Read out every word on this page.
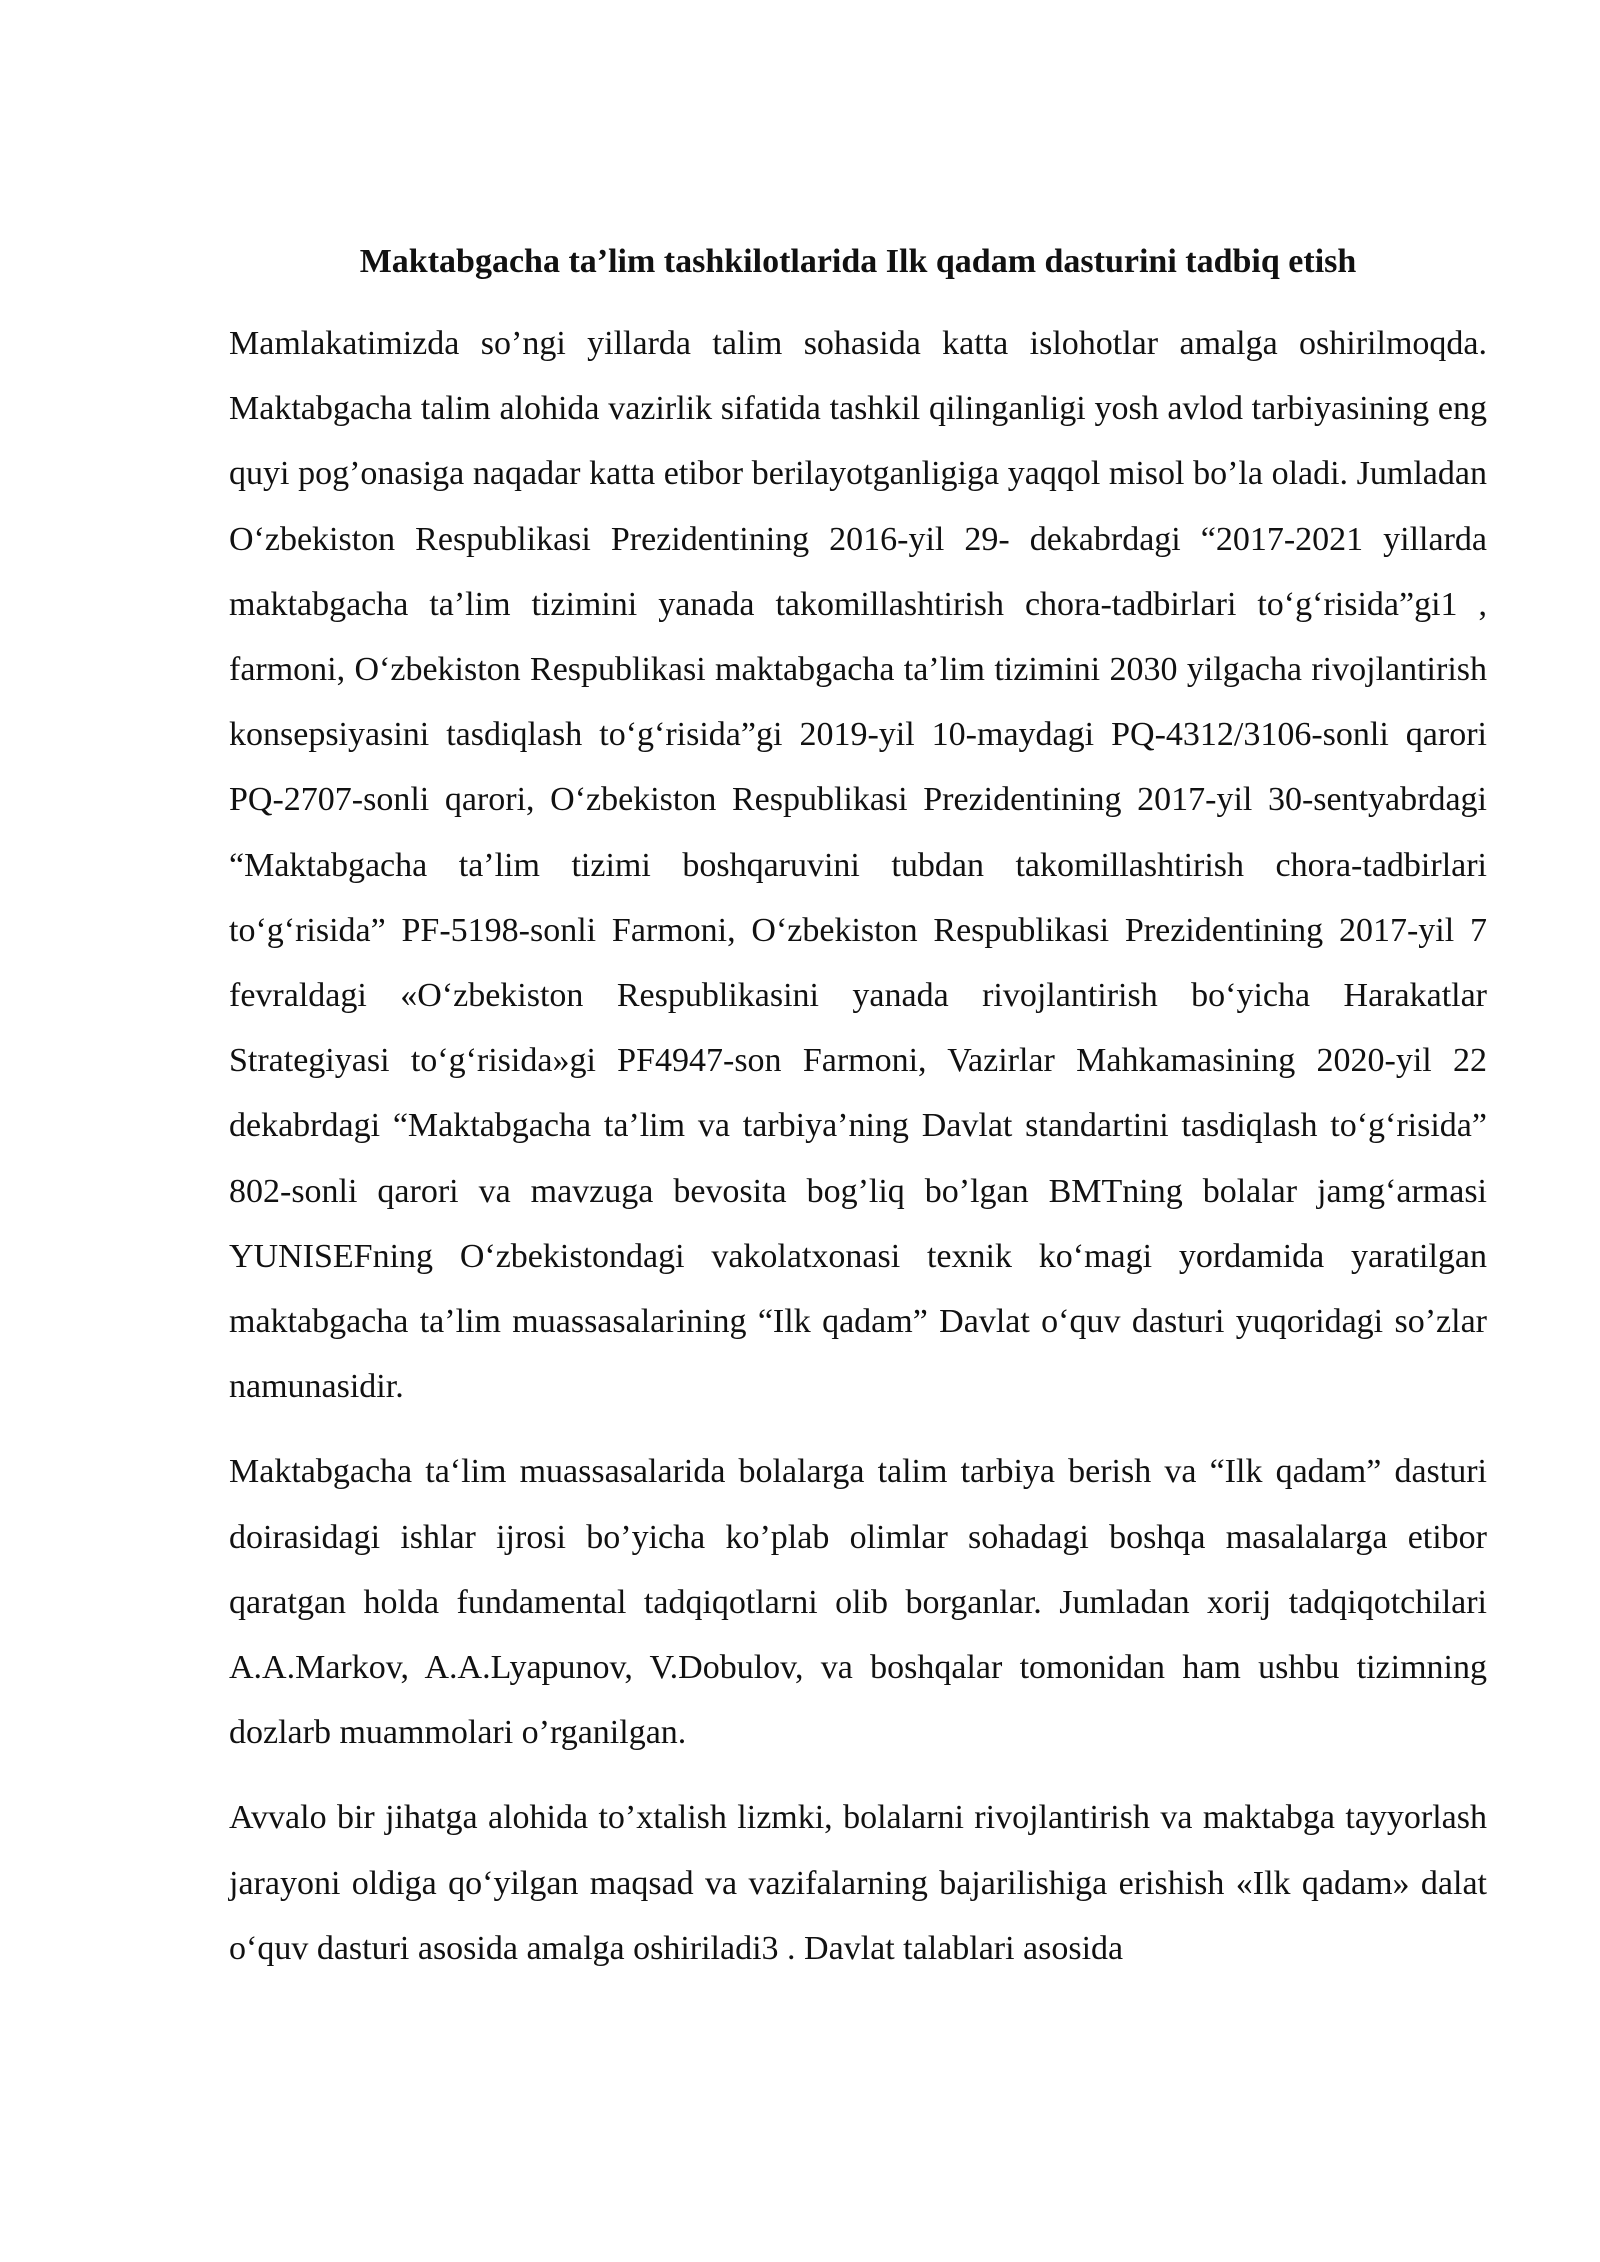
Maktabgacha ta’lim tashkilotlarida Ilk qadam dasturini tadbiq etish

Mamlakatimizda so’ngi yillarda talim sohasida katta islohotlar amalga oshirilmoqda. Maktabgacha talim alohida vazirlik sifatida tashkil qilinganligi yosh avlod tarbiyasining eng quyi pog’onasiga naqadar katta etibor berilayotganligiga yaqqol misol bo’la oladi. Jumladan O‘zbekiston Respublikasi Prezidentining 2016-yil 29- dekabrdagi “2017-2021 yillarda maktabgacha ta’lim tizimini yanada takomillashtirish chora-tadbirlari to‘g‘risida”gi1 , farmoni, O‘zbekiston Respublikasi maktabgacha ta’lim tizimini 2030 yilgacha rivojlantirish konsepsiyasini tasdiqlash to‘g‘risida”gi 2019-yil 10-maydagi PQ-4312/3106-sonli qarori PQ-2707-sonli qarori, O‘zbekiston Respublikasi Prezidentining 2017-yil 30-sentyabrdagi “Maktabgacha ta’lim tizimi boshqaruvini tubdan takomillashtirish chora-tadbirlari to‘g‘risida” PF-5198-sonli Farmoni, O‘zbekiston Respublikasi Prezidentining 2017-yil 7 fevraldagi «O‘zbekiston Respublikasini yanada rivojlantirish bo‘yicha Harakatlar Strategiyasi to‘g‘risida»gi PF4947-son Farmoni, Vazirlar Mahkamasining 2020-yil 22 dekabrdagi “Maktabgacha ta’lim va tarbiya’ning Davlat standartini tasdiqlash to‘g‘risida” 802-sonli qarori va mavzuga bevosita bog’liq bo’lgan BMTning bolalar jamg‘armasi YUNISEFning O‘zbekistondagi vakolatxonasi texnik ko‘magi yordamida yaratilgan maktabgacha ta’lim muassasalarining “Ilk qadam” Davlat o‘quv dasturi yuqoridagi so’zlar namunasidir.

Maktabgacha ta‘lim muassasalarida bolalarga talim tarbiya berish va “Ilk qadam” dasturi doirasidagi ishlar ijrosi bo’yicha ko’plab olimlar sohadagi boshqa masalalarga etibor qaratgan holda fundamental tadqiqotlarni olib borganlar. Jumladan xorij tadqiqotchilari A.A.Markov, A.A.Lyapunov, V.Dobulov, va boshqalar tomonidan ham ushbu tizimning dozlarb muammolari o’rganilgan.

Avvalo bir jihatga alohida to’xtalish lizmki, bolalarni rivojlantirish va maktabga tayyorlash jarayoni oldiga qo‘yilgan maqsad va vazifalarning bajarilishiga erishish «Ilk qadam» dalat o‘quv dasturi asosida amalga oshiriladi3 . Davlat talablari asosida
